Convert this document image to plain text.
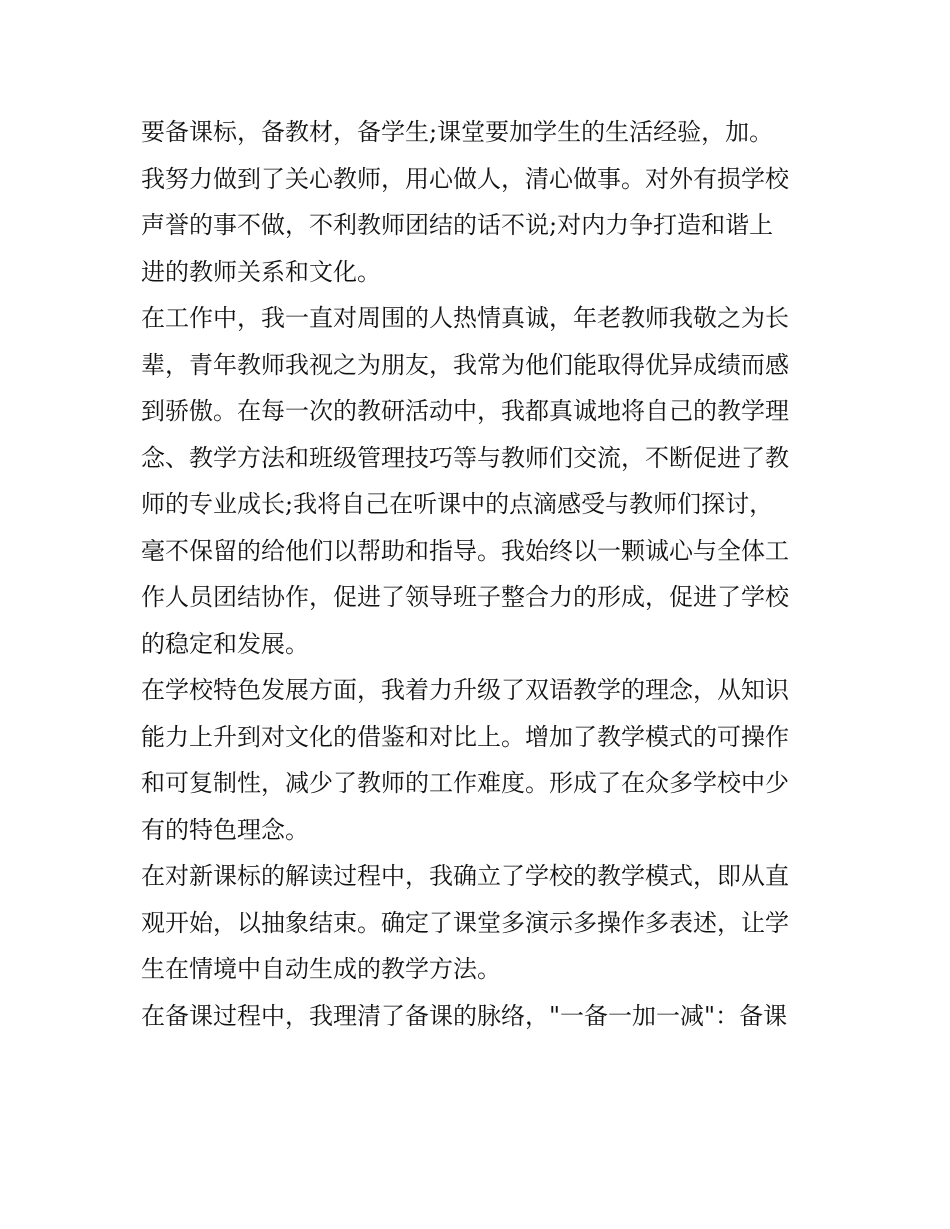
要备课标，备教材，备学生;课堂要加学生的生活经验，加。
我努力做到了关心教师，用心做人，清心做事。对外有损学校
声誉的事不做，不利教师团结的话不说;对内力争打造和谐上
进的教师关系和文化。
在工作中，我一直对周围的人热情真诚，年老教师我敬之为长
辈，青年教师我视之为朋友，我常为他们能取得优异成绩而感
到骄傲。在每一次的教研活动中，我都真诚地将自己的教学理
念、教学方法和班级管理技巧等与教师们交流，不断促进了教
师的专业成长;我将自己在听课中的点滴感受与教师们探讨，
毫不保留的给他们以帮助和指导。我始终以一颗诚心与全体工
作人员团结协作，促进了领导班子整合力的形成，促进了学校
的稳定和发展。
在学校特色发展方面，我着力升级了双语教学的理念，从知识
能力上升到对文化的借鉴和对比上。增加了教学模式的可操作
和可复制性，减少了教师的工作难度。形成了在众多学校中少
有的特色理念。
在对新课标的解读过程中，我确立了学校的教学模式，即从直
观开始，以抽象结束。确定了课堂多演示多操作多表述，让学
生在情境中自动生成的教学方法。
在备课过程中，我理清了备课的脉络，"一备一加一减"：备课
